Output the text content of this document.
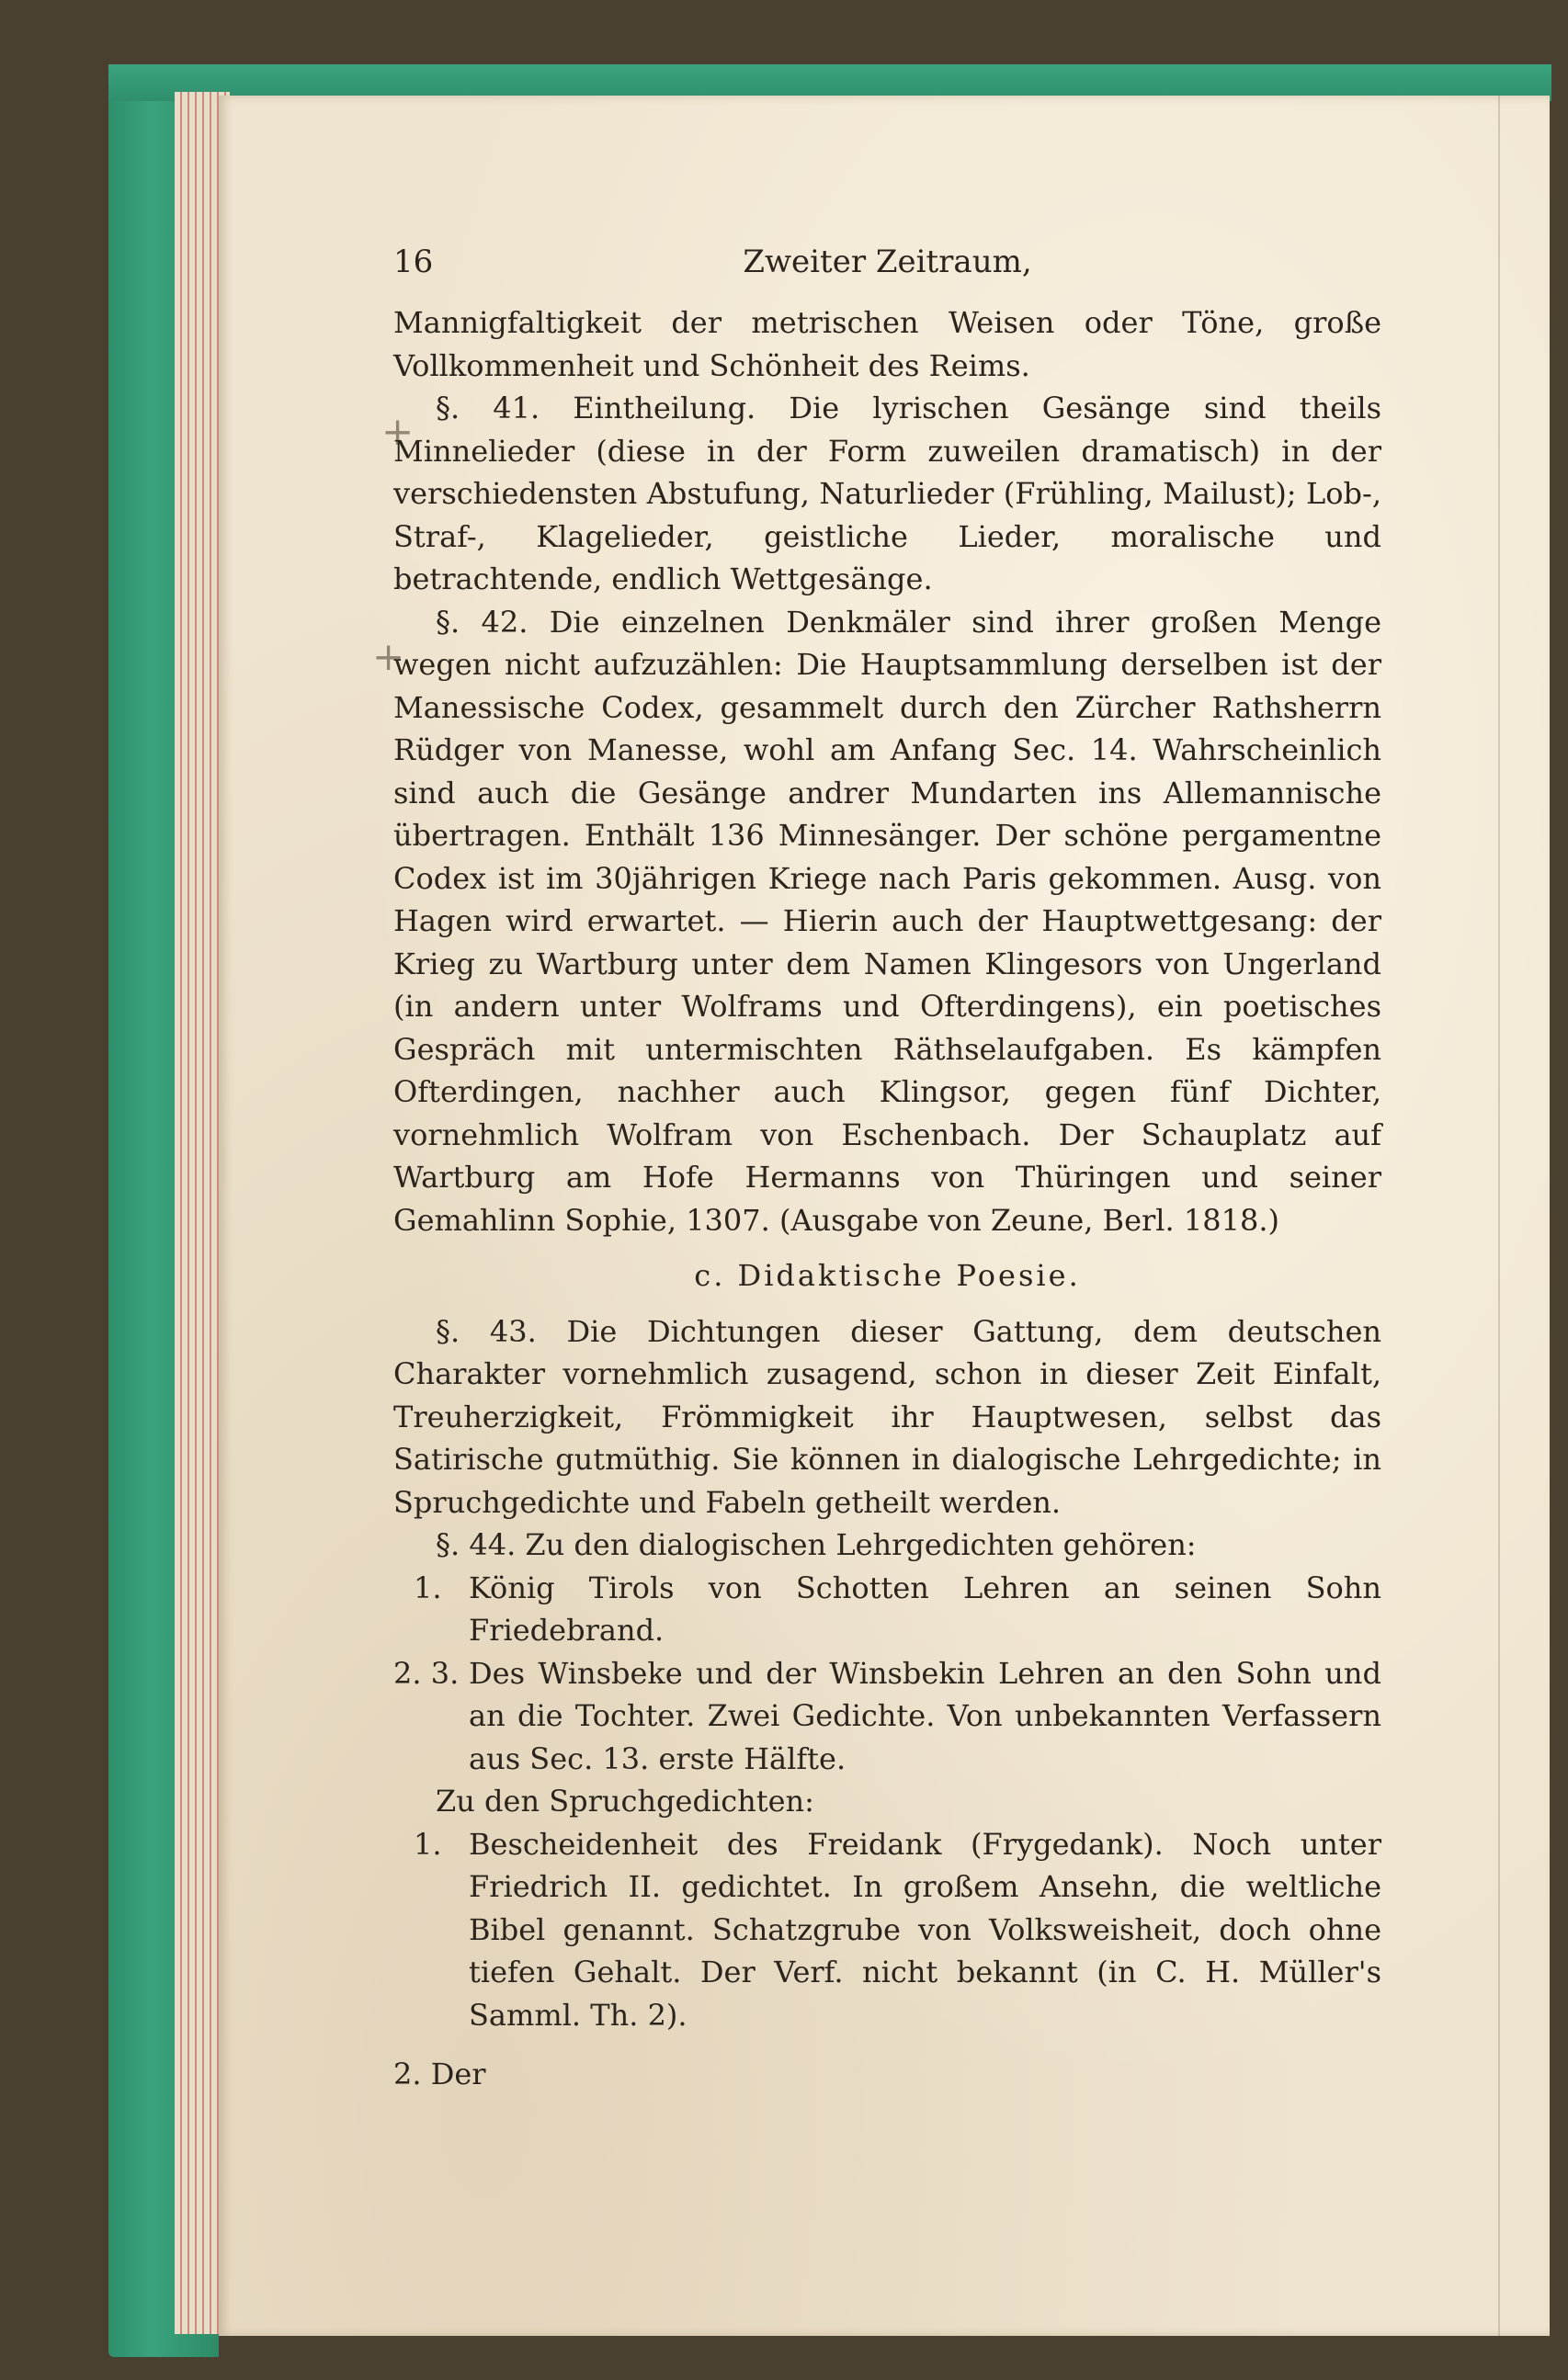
+
+
16	Zweiter Zeitraum,

Mannigfaltigkeit der metrischen Weisen oder Töne, große Vollkommenheit und Schönheit des Reims.

§. 41. Eintheilung. Die lyrischen Gesänge sind theils Minnelieder (diese in der Form zuweilen dramatisch) in der verschiedensten Abstufung, Naturlieder (Frühling, Mailust); Lob-, Straf-, Klagelieder, geistliche Lieder, moralische und betrachtende, endlich Wettgesänge.

§. 42. Die einzelnen Denkmäler sind ihrer großen Menge wegen nicht aufzuzählen: Die Hauptsammlung derselben ist der Manessische Codex, gesammelt durch den Zürcher Rathsherrn Rüdger von Manesse, wohl am Anfang Sec. 14. Wahrscheinlich sind auch die Gesänge andrer Mundarten ins Allemannische übertragen. Enthält 136 Minnesänger. Der schöne pergamentne Codex ist im 30jährigen Kriege nach Paris gekommen. Ausg. von Hagen wird erwartet. — Hierin auch der Hauptwettgesang: der Krieg zu Wartburg unter dem Namen Klingesors von Ungerland (in andern unter Wolframs und Ofterdingens), ein poetisches Gespräch mit untermischten Räthselaufgaben. Es kämpfen Ofterdingen, nachher auch Klingsor, gegen fünf Dichter, vornehmlich Wolfram von Eschenbach. Der Schauplatz auf Wartburg am Hofe Hermanns von Thüringen und seiner Gemahlinn Sophie, 1307. (Ausgabe von Zeune, Berl. 1818.)

c. Didaktische Poesie.

§. 43. Die Dichtungen dieser Gattung, dem deutschen Charakter vornehmlich zusagend, schon in dieser Zeit Einfalt, Treuherzigkeit, Frömmigkeit ihr Hauptwesen, selbst das Satirische gutmüthig. Sie können in dialogische Lehrgedichte; in Spruchgedichte und Fabeln getheilt werden.

§. 44. Zu den dialogischen Lehrgedichten gehören:

1. König Tirols von Schotten Lehren an seinen Sohn Friedebrand.
2. 3. Des Winsbeke und der Winsbekin Lehren an den Sohn und an die Tochter. Zwei Gedichte. Von unbekannten Verfassern aus Sec. 13. erste Hälfte.

Zu den Spruchgedichten:

1. Bescheidenheit des Freidank (Frygedank). Noch unter Friedrich II. gedichtet. In großem Ansehn, die weltliche Bibel genannt. Schatzgrube von Volksweisheit, doch ohne tiefen Gehalt. Der Verf. nicht bekannt (in C. H. Müller's Samml. Th. 2).

2. Der
